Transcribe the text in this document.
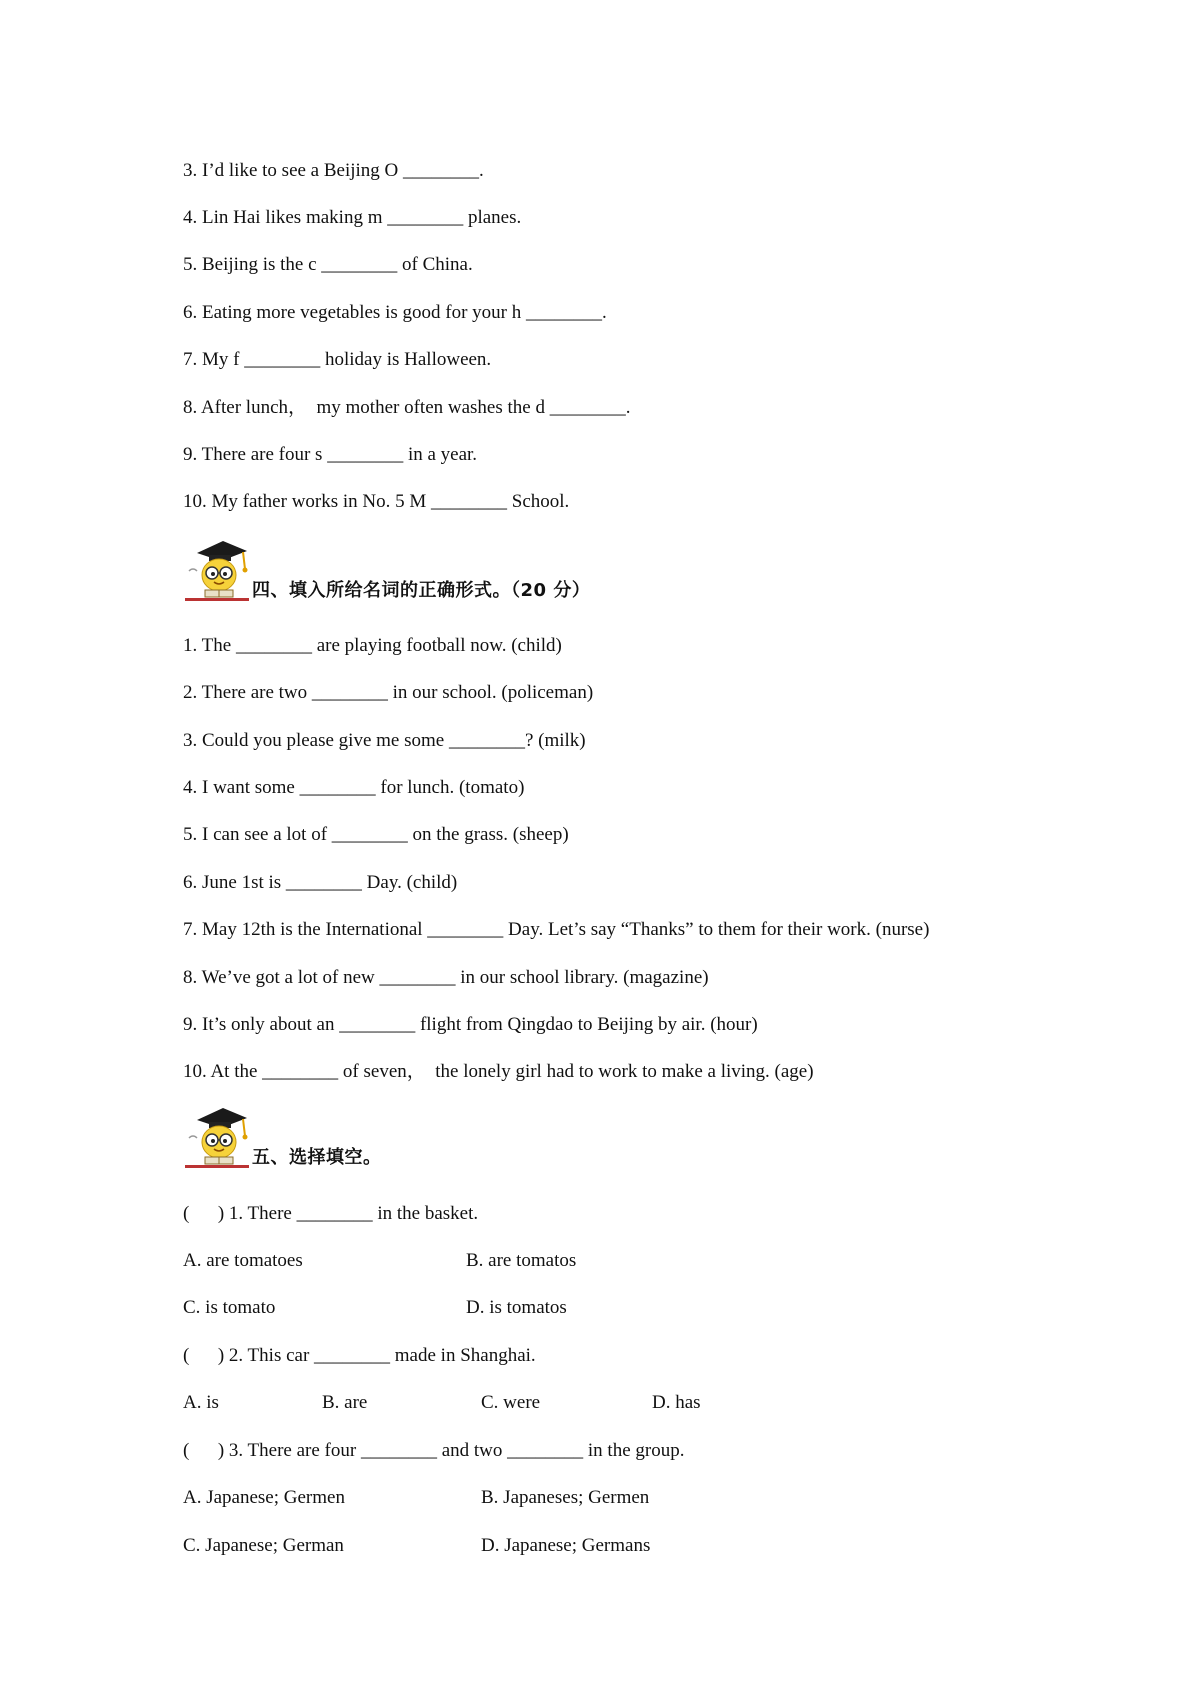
3. I’d like to see a Beijing O ________.
4. Lin Hai likes making m ________ planes.
5. Beijing is the c ________ of China.
6. Eating more vegetables is good for your h ________.
7. My f ________ holiday is Halloween.
8. After lunch，  my mother often washes the d ________.
9. There are four s ________ in a year.
10. My father works in No. 5 M ________ School.
四、填入所给名词的正确形式。（20 分）
1. The ________ are playing football now. (child)
2. There are two ________ in our school. (policeman)
3. Could you please give me some ________? (milk)
4. I want some ________ for lunch. (tomato)
5. I can see a lot of ________ on the grass. (sheep)
6. June 1st is ________ Day. (child)
7. May 12th is the International ________ Day. Let’s say “Thanks” to them for their work. (nurse)
8. We’ve got a lot of new ________ in our school library. (magazine)
9. It’s only about an ________ flight from Qingdao to Beijing by air. (hour)
10. At the ________ of seven，  the lonely girl had to work to make a living. (age)
五、选择填空。
(      ) 1. There ________ in the basket.
A. are tomatoes	B. are tomatos
C. is tomato	D. is tomatos
(      ) 2. This car ________ made in Shanghai.
A. is	B. are	C. were	D. has
(      ) 3. There are four ________ and two ________ in the group.
A. Japanese; Germen	B. Japaneses; Germen
C. Japanese; German	D. Japanese; Germans
